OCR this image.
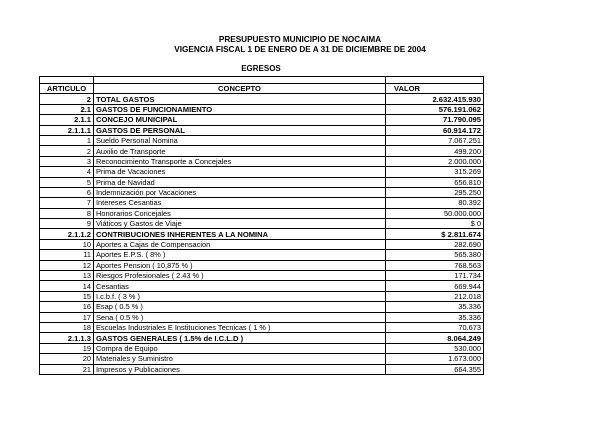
PRESUPUESTO MUNICIPIO DE NOCAIMA
VIGENCIA FISCAL 1 DE ENERO DE A 31 DE DICIEMBRE DE 2004
EGRESOS

ARTICULO	CONCEPTO	VALOR
2	TOTAL GASTOS	2.632.415.930
2.1	GASTOS DE FUNCIONAMIENTO	576.191.062
2.1.1	CONCEJO MUNICIPAL	71.790.095
2.1.1.1	GASTOS DE PERSONAL	60.914.172
1	Sueldo Personal Nomina	7.067.251
2	Auxilio de Transporte	499.200
3	Reconocimiento Transporte a Concejales	2.000.000
4	Prima de Vacaciones	315.269
5	Prima de Navidad	656.810
6	Indemnización por Vacaciones	295.250
7	Intereses Cesantias	80.392
8	Honorarios Concejales	50.000.000
9	Viáticos y Gastos de Viaje	$ 0
2.1.1.2	CONTRIBUCIONES INHERENTES A LA NOMINA	$ 2.811.674
10	Aportes a Cajas de Compensacion	282.690
11	Aportes E.P.S. ( 8% )	565.380
12	Aportes Pension ( 10,875 % )	768.563
13	Riesgos Profesionales ( 2.43 % )	171.734
14	Cesantias	669.944
15	I.c.b.f. ( 3 % )	212.018
16	Esap ( 0.5 % )	35.336
17	Sena ( 0.5 % )	35.336
18	Escuelas Industriales E Instituciones Tecnicas ( 1 % )	70.673
2.1.1.3	GASTOS GENERALES ( 1.5% de I.C.L.D )	8.064.249
19	Compra de Equipo	530.000
20	Materiales y Suministro	1.673.000
21	Impresos y Publicaciones	664.355
